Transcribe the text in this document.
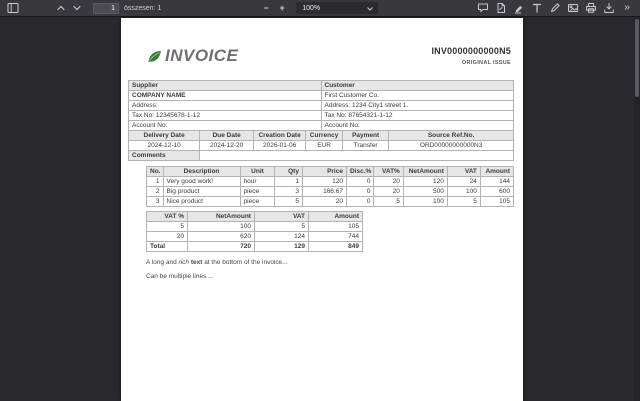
1
összesen: 1	−	+	100%	»
INVOICE	INV0000000000N5
ORIGINAL ISSUE
Supplier	Customer
COMPANY NAME	First Customer Co.
Address:	Address: 1234 City1 street 1.
Tax No: 12345678-1-12	Tax No: 87654321-1-12
Account No:	Account No:
Delivery Date	Due Date	Creation Date	Currency	Payment	Source Ref.No.
2024-12-10	2024-12-20	2026-01-06	EUR	Transfer	ORD00000000000N3
Comments					
No.	Description	Unit	Qty	Price	Disc.%	VAT%	NetAmount	VAT	Amount
1	Very good work!	hour	1	120	0	20	120	24	144
2	Big product	piece	3	166.67	0	20	500	100	600
3	Nice product	piece	5	20	0	5	100	5	105
VAT %	NetAmount	VAT	Amount
5	100	5	105
20	620	124	744
Total	720	129	849
A long and rich text at the bottom of the invoice...
Can be multiple lines ...
